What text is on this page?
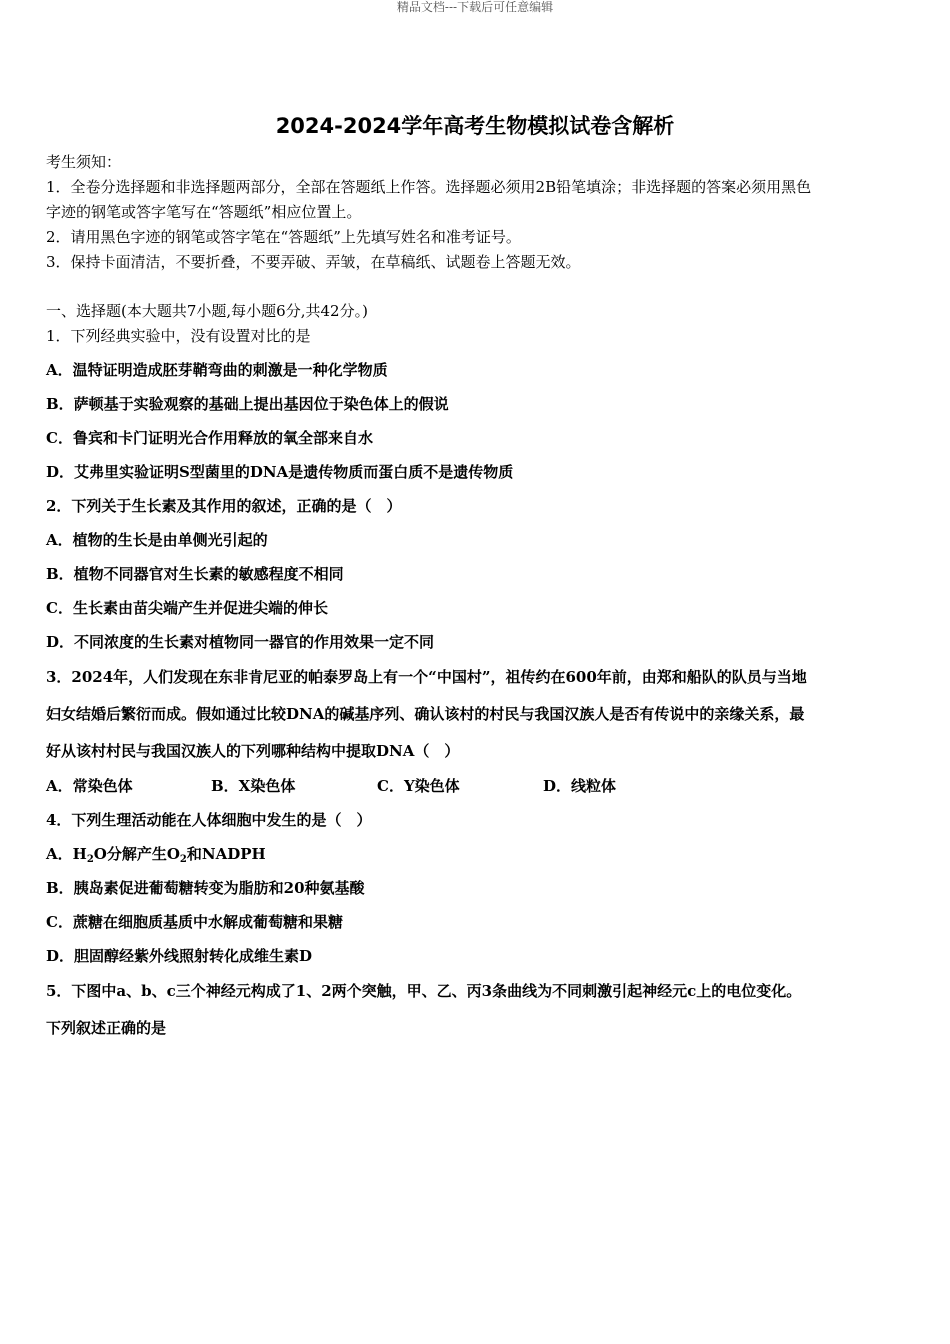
精品文档---下载后可任意编辑
2024-2024学年高考生物模拟试卷含解析
考生须知：
1．全卷分选择题和非选择题两部分，全部在答题纸上作答。选择题必须用2B铅笔填涂；非选择题的答案必须用黑色
字迹的钢笔或答字笔写在“答题纸”相应位置上。
2．请用黑色字迹的钢笔或答字笔在“答题纸”上先填写姓名和准考证号。
3．保持卡面清洁，不要折叠，不要弄破、弄皱，在草稿纸、试题卷上答题无效。
一、选择题(本大题共7小题,每小题6分,共42分。)
1．下列经典实验中，没有设置对比的是
A．温特证明造成胚芽鞘弯曲的刺激是一种化学物质
B．萨顿基于实验观察的基础上提出基因位于染色体上的假说
C．鲁宾和卡门证明光合作用释放的氧全部来自水
D．艾弗里实验证明S型菌里的DNA是遗传物质而蛋白质不是遗传物质
2．下列关于生长素及其作用的叙述，正确的是（　）
A．植物的生长是由单侧光引起的
B．植物不同器官对生长素的敏感程度不相同
C．生长素由苗尖端产生并促进尖端的伸长
D．不同浓度的生长素对植物同一器官的作用效果一定不同
3．2024年，人们发现在东非肯尼亚的帕泰罗岛上有一个“中国村”，祖传约在600年前，由郑和船队的队员与当地
妇女结婚后繁衍而成。假如通过比较DNA的碱基序列、确认该村的村民与我国汉族人是否有传说中的亲缘关系，最
好从该村村民与我国汉族人的下列哪种结构中提取DNA（　）
A．常染色体	B．X染色体	C．Y染色体	D．线粒体
4．下列生理活动能在人体细胞中发生的是（　）
A．$H_2O$分解产生$O_2$和NADPH
B．胰岛素促进葡萄糖转变为脂肪和20种氨基酸
C．蔗糖在细胞质基质中水解成葡萄糖和果糖
D．胆固醇经紫外线照射转化成维生素D
5．下图中a、b、c三个神经元构成了1、2两个突触，甲、乙、丙3条曲线为不同刺激引起神经元c上的电位变化。
下列叙述正确的是
